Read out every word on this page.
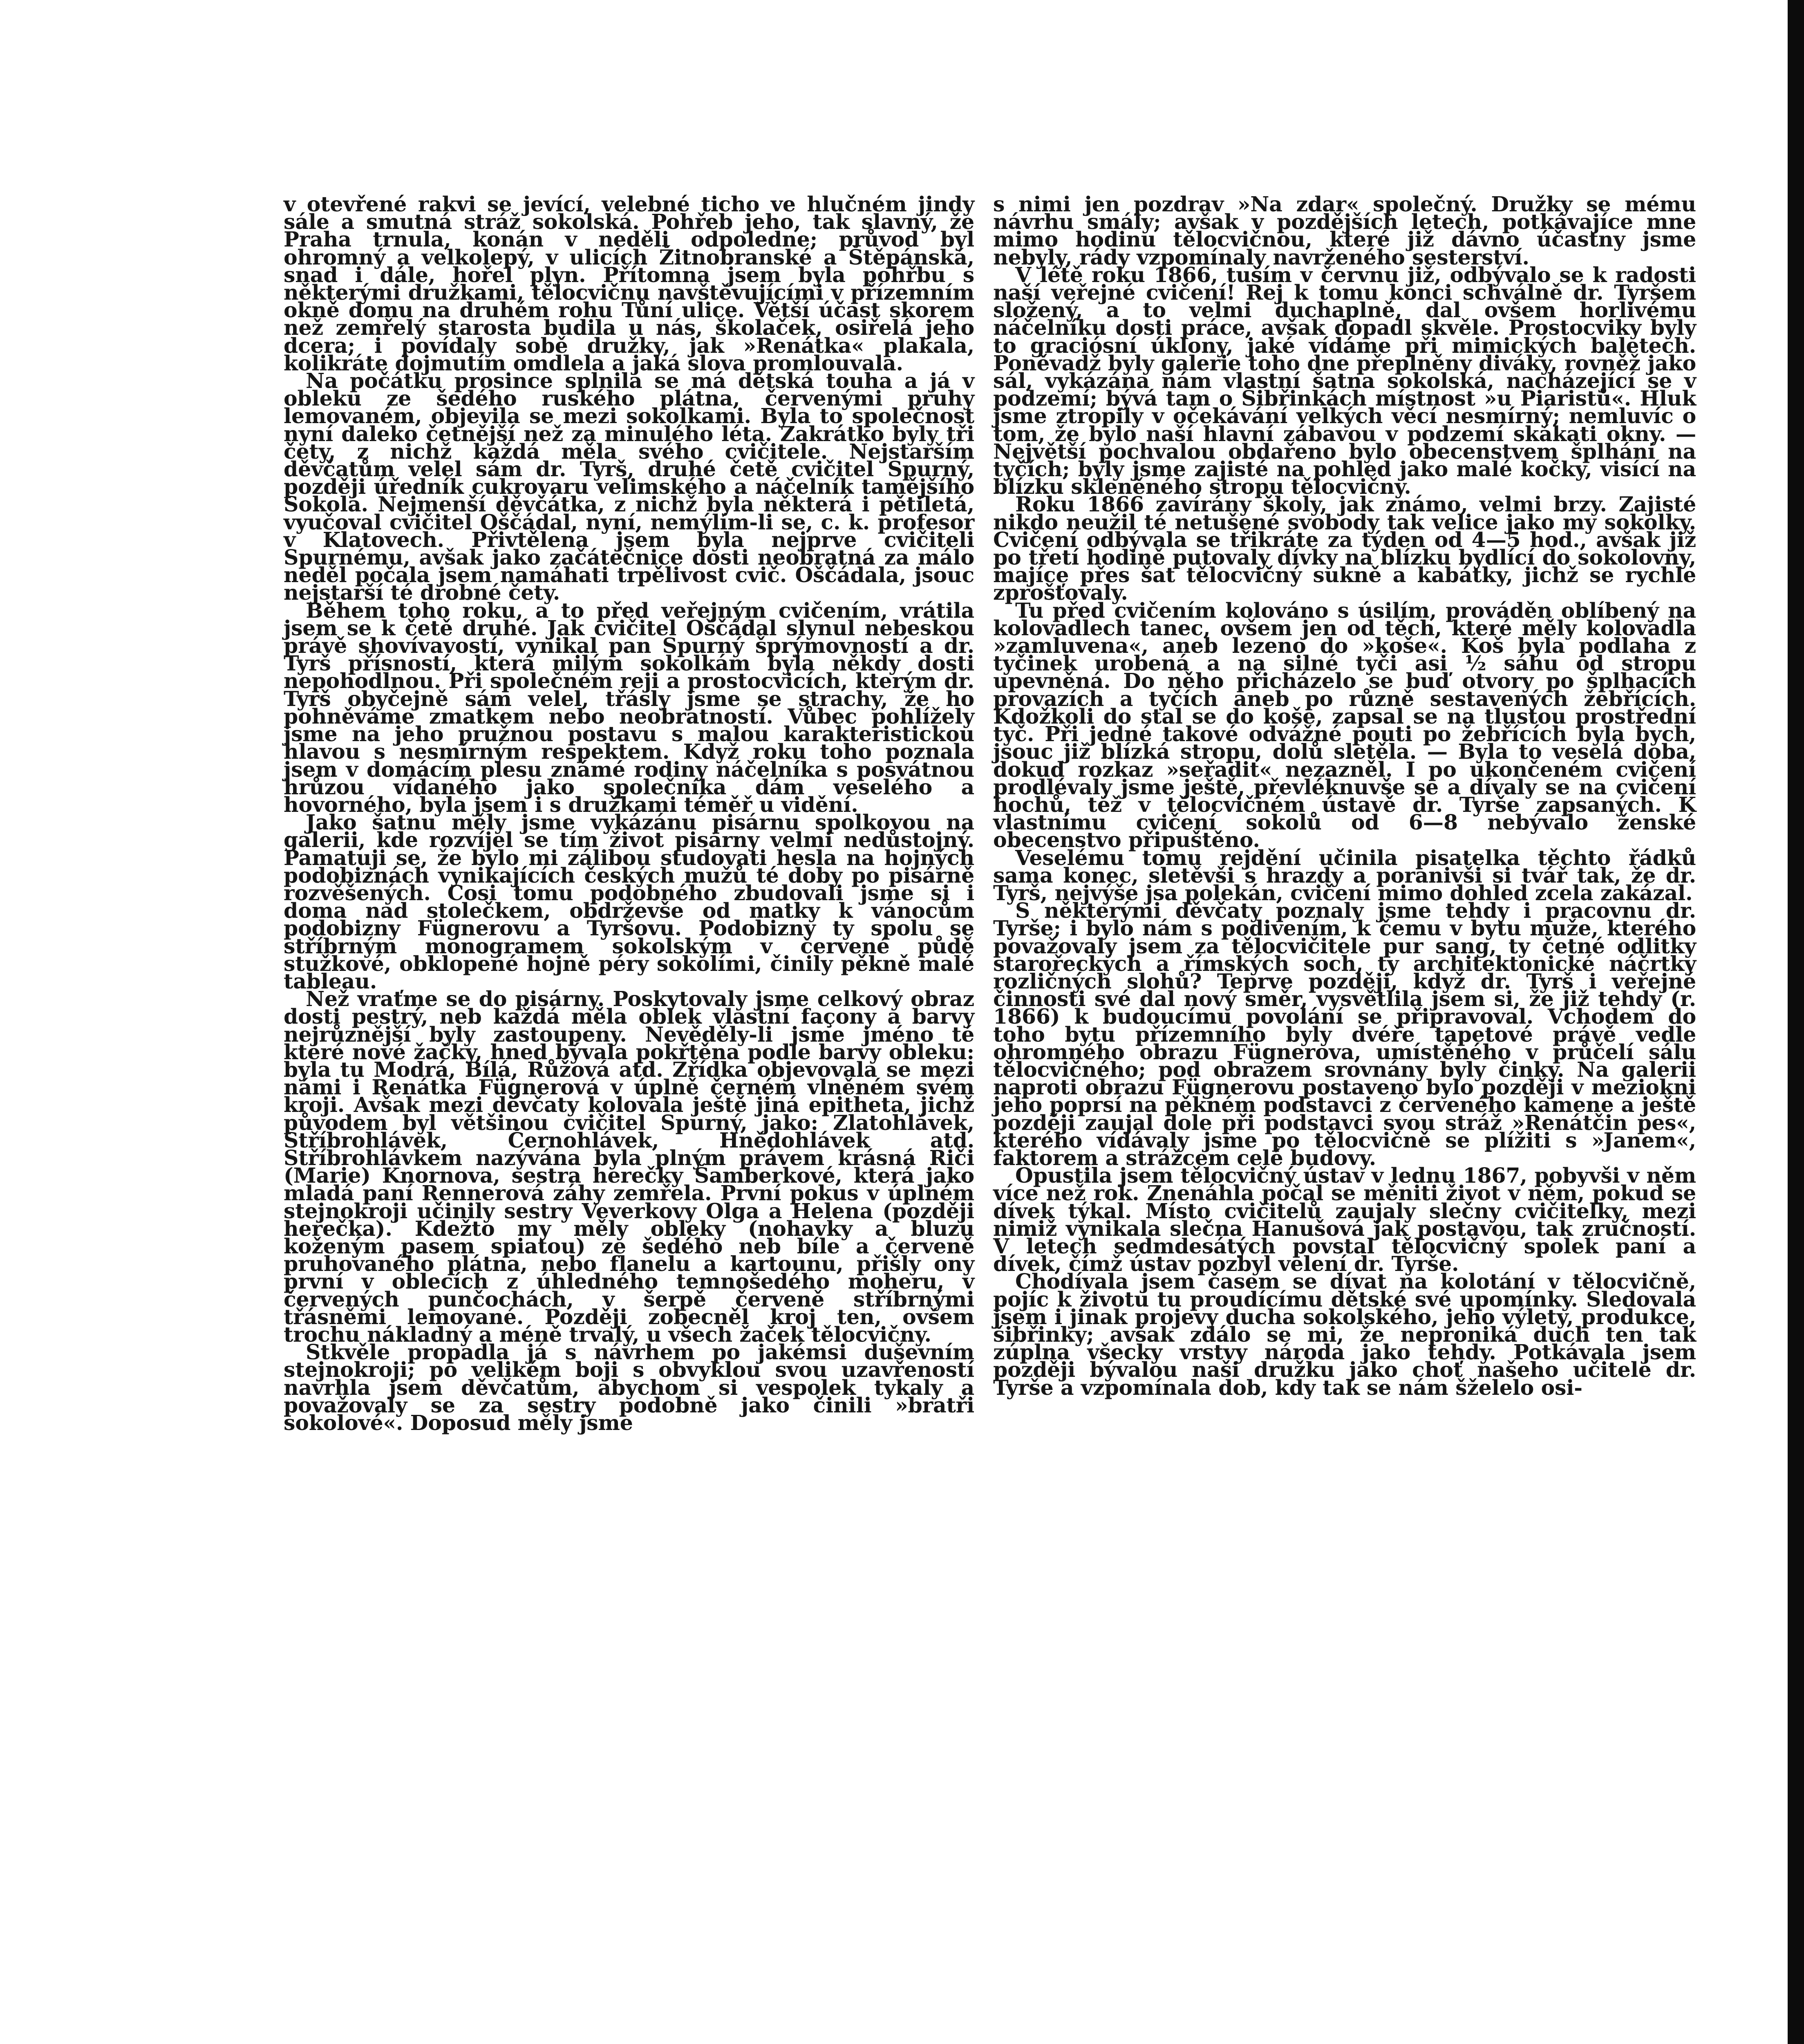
v otevřené rakvi se jevící, velebné ticho ve hlučném jindy sále a smutná stráž sokolská. Pohřeb jeho, tak slavný, že Praha trnula, konán v neděli odpoledne; průvod byl ohromný a velkolepý, v ulicích Žitnobranské a Štěpánská, snad i dále, hořel plyn. Přítomna jsem byla pohřbu s některými družkami, tělocvičnu navštěvujícími v přízemním okně domu na druhém rohu Tůní ulice. Větší účast skorem než zemřelý starosta budila u nás, školaček, osiřelá jeho dcera; i povídaly sobě družky, jak »Renátka« plakala, kolikráte dojmutím omdlela a jaká slova promlouvala.

Na počátku prosince splnila se má dětská touha a já v obleku ze šedého ruského plátna, červenými pruhy lemovaném, objevila se mezi sokolkami. Byla to společnost nyní daleko četnější než za minulého léta. Zakrátko byly tři čety, z nichž každá měla svého cvičitele. Nejstarším děvčatům velel sám dr. Tyrš, druhé četě cvičitel Spurný, později úředník cukrovaru velimského a náčelník tamějšího Sokola. Nejmenší děvčátka, z nichž byla některá i pětiletá, vyučoval cvičitel Oščádal, nyní, nemýlím-li se, c. k. profesor v Klatovech. Přivtělena jsem byla nejprve cvičiteli Spurnému, avšak jako začátečnice dosti neobratná za málo neděl počala jsem namáhati trpělivost cvič. Oščádala, jsouc nejstarší té drobné čety.

Během toho roku, a to před veřejným cvičením, vrátila jsem se k četě druhé. Jak cvičitel Oščádal slynul nebeskou právě shovívavostí, vynikal pan Spurný šprýmovností a dr. Tyrš přísností, která milým sokolkám byla někdy dosti nepohodlnou. Při společném reji a prostocvicích, kterým dr. Tyrš obyčejně sám velel, třásly jsme se strachy, že ho pohněváme zmatkem nebo neobratností. Vůbec pohlížely jsme na jeho pružnou postavu s malou karakteristickou hlavou s nesmírným respektem. Když roku toho poznala jsem v domácím plesu známé rodiny náčelníka s posvátnou hrůzou vídaného jako společníka dám veselého a hovorného, byla jsem i s družkami téměř u vidění.

Jako šatnu měly jsme vykázánu pisárnu spolkovou na galerii, kde rozvíjel se tím život pisárny velmi nedůstojný. Pamatuji se, že bylo mi zálibou studovati hesla na hojných podobiznách vynikajících českých mužů té doby po pisárně rozvěšených. Cosi tomu podobného zbudovali jsme si i doma nad stolečkem, obdrževše od matky k vánocům podobizny Fügnerovu a Tyršovu. Podobizny ty spolu se stříbrným monogramem sokolským v červené půdě stužkové, obklopené hojně péry sokolími, činily pěkně malé tableau.

Než vraťme se do pisárny. Poskytovaly jsme celkový obraz dosti pestrý, neb každá měla oblek vlastní façony a barvy nejrůznější byly zastoupeny. Nevěděly-li jsme jméno té které nové žačky, hned bývala pokřtěna podle barvy obleku: byla tu Modrá, Bílá, Růžová atd. Zřídka objevovala se mezi námi i Renátka Fügnerová v úplně černém vlněném svém kroji. Avšak mezi děvčaty kolovala ještě jiná epitheta, jichž původem byl většinou cvičitel Spurný, jako: Zlatohlávek, Stříbrohlávek, Černohlávek, Hnědohlávek atd. Stříbrohlávkem nazývána byla plným právem krásná Riči (Marie) Knornova, sestra herečky Šamberkové, která jako mladá paní Rennerová záhy zemřela. První pokus v úplném stejnokroji učinily sestry Veverkovy Olga a Helena (později herečka). Kdežto my měly obleky (nohavky a bluzu koženým pasem spiatou) ze šedého neb bíle a červeně pruhovaného plátna, nebo flanelu a kartounu, přišly ony první v oblecích z úhledného temnošedého moheru, v červených punčochách, v šerpě červeně stříbrnými třásněmi lemované. Později zobecněl kroj ten, ovšem trochu nákladný a méně trvalý, u všech žaček tělocvičny.

Stkvěle propadla já s návrhem po jakémsi duševním stejnokroji; po velikém boji s obvyklou svou uzavřeností navrhla jsem děvčatům, abychom si vespolek tykaly a považovaly se za sestry podobně jako činili »bratři sokolové«. Doposud měly jsme

s nimi jen pozdrav »Na zdar« společný. Družky se mému návrhu smály; avšak v pozdějších letech, potkávajíce mne mimo hodinu tělocvičnou, které již dávno účastny jsme nebyly, rády vzpomínaly navrženého sesterství.

V létě roku 1866, tuším v červnu již, odbývalo se k radosti naší veřejné cvičení! Rej k tomu konci schválně dr. Tyršem složený, a to velmi duchaplně, dal ovšem horlivému náčelníku dosti práce, avšak dopadl skvěle. Prostocviky byly to graciósní úklony, jaké vídáme při mimických baletech. Poněvadž byly galerie toho dne přeplněny diváky, rovněž jako sál, vykázána nám vlastní šatna sokolská, nacházející se v podzemí; bývá tam o Šibřinkách místnost »u Piaristů«. Hluk jsme ztropily v očekávání velkých věcí nesmírný; nemluvíc o tom, že bylo naší hlavní zábavou v podzemí skákati okny. — Největší pochvalou obdařeno bylo obecenstvem šplhání na tyčích; byly jsme zajisté na pohled jako malé kočky, visící na blízku skleněného stropu tělocvičny.

Roku 1866 zavírány školy, jak známo, velmi brzy. Zajisté nikdo neužil té netušené svobody tak velice jako my sokolky. Cvičení odbývala se třikráte za týden od 4—5 hod., avšak již po třetí hodině putovaly dívky na blízku bydlící do sokolovny, majíce přes šat tělocvičný sukně a kabátky, jichž se rychle zprošťovaly.

Tu před cvičením kolováno s úsilím, prováděn oblíbený na kolovadlech tanec, ovšem jen od těch, které měly kolovadla »zamluvena«, aneb lezeno do »koše«. Koš byla podlaha z tyčinek urobená a na silné tyči asi ½ sáhu od stropu upevněná. Do něho přicházelo se buď otvory po šplhacích provazích a tyčích aneb po různě sestavených žebřících. Kdožkoli do stal se do koše, zapsal se na tlustou prostřední tyč. Při jedné takové odvážné pouti po žebřících byla bych, jsouc již blízká stropu, dolů sletěla. — Byla to veselá doba, dokud rozkaz »seřadit« nezazněl. I po ukončeném cvičení prodlévaly jsme ještě, převléknuvše se a dívaly se na cvičení hochů, též v tělocvičném ústavě dr. Tyrše zapsaných. K vlastnímu cvičení sokolů od 6—8 nebývalo ženské obecenstvo připuštěno.

Veselému tomu rejdění učinila pisatelka těchto řádků sama konec, sletěvši s hrazdy a poranivši si tvář tak, že dr. Tyrš, nejvýše jsa polekán, cvičení mimo dohled zcela zakázal.

S některými děvčaty poznaly jsme tehdy i pracovnu dr. Tyrše; i bylo nám s podivením, k čemu v bytu muže, kterého považovaly jsem za tělocvičitele pur sang, ty četné odlitky starořeckých a římských soch, ty architektonické náčrtky rozličných slohů? Teprve později, když dr. Tyrš i veřejné činnosti své dal nový směr, vysvětlila jsem si, že již tehdy (r. 1866) k budoucímu povolání se připravoval. Vchodem do toho bytu přízemního byly dvéře tapetové právě vedle ohromného obrazu Fügnerova, umístěného v průčelí sálu tělocvičného; pod obrazem srovnány byly činky. Na galerii naproti obrazu Fügnerovu postaveno bylo později v mezioknі jeho poprsí na pěkném podstavci z červeného kamene a ještě později zaujal dole při podstavci svou stráž »Renátčin pes«, kterého vídávaly jsme po tělocvičně se plížiti s »Janem«, faktorem a strážcem celé budovy.

Opustila jsem tělocvičný ústav v lednu 1867, pobyvši v něm více než rok. Znenáhla počal se měniti život v něm, pokud se dívek týkal. Místo cvičitelů zaujaly slečny cvičitelky, mezi nimiž vynikala slečna Hanušová jak postavou, tak zručností. V letech sedmdesátých povstal tělocvičný spolek paní a dívek, čímž ústav pozbyl velení dr. Tyrše.

Chodívala jsem časem se dívat na kolotání v tělocvičně, pojíc k životu tu proudícímu dětské své upomínky. Sledovala jsem i jinak projevy ducha sokolského, jeho výlety, produkce, šibřinky; avšak zdálo se mi, že nepronіká duch ten tak zúplna všecky vrstvy národa jako tehdy. Potkávala jsem později bývalou naši družku jako choť našeho učitele dr. Tyrše a vzpomínala dob, kdy tak se nám šželelo osi-
